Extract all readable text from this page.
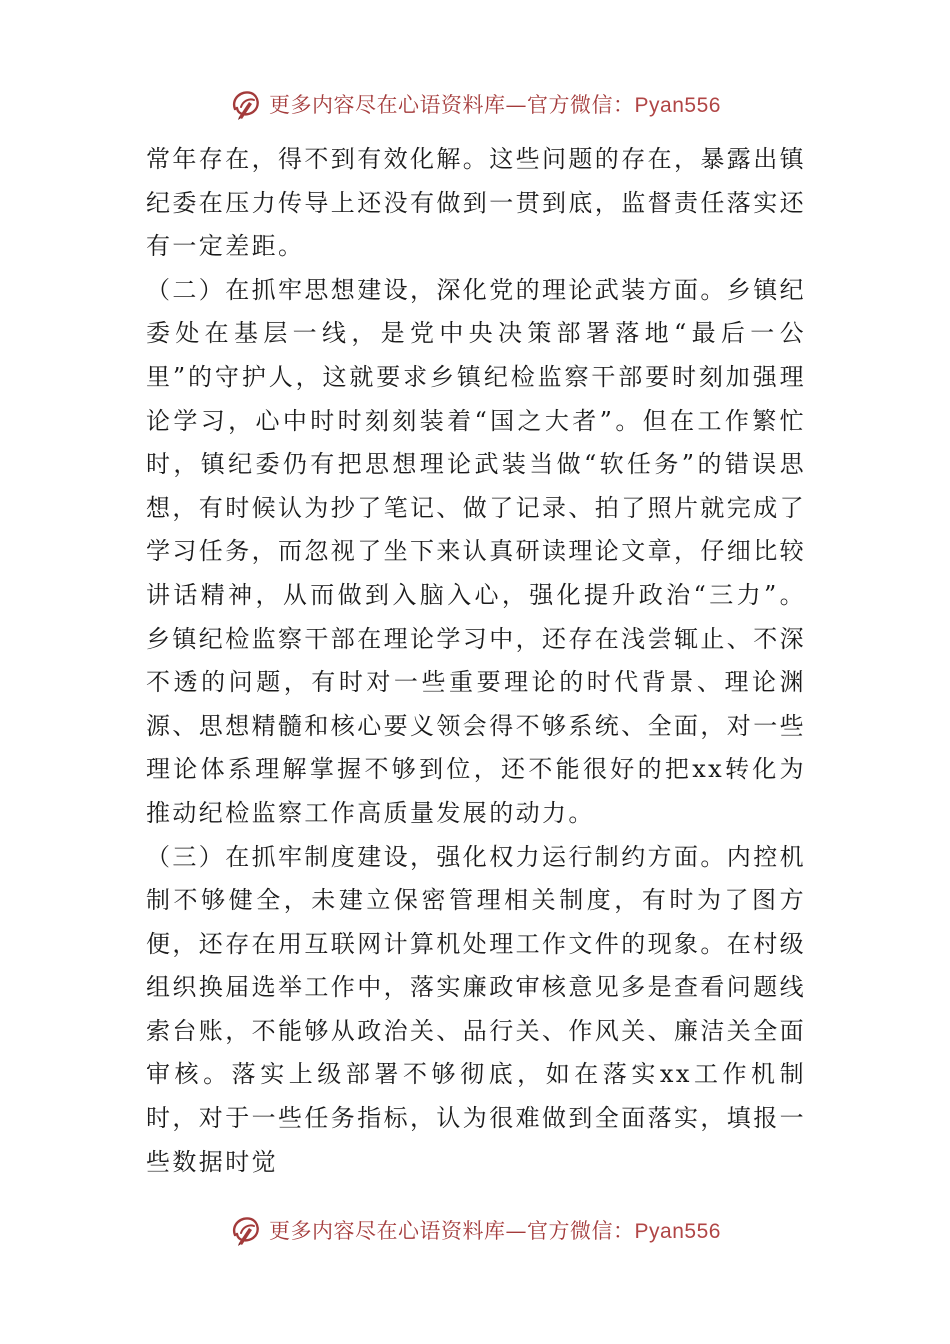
更多内容尽在心语资料库—官方微信：Pyan556

常年存在，得不到有效化解。这些问题的存在，暴露出镇纪委在压力传导上还没有做到一贯到底，监督责任落实还有一定差距。

（二）在抓牢思想建设，深化党的理论武装方面。乡镇纪委处在基层一线，是党中央决策部署落地“最后一公里”的守护人，这就要求乡镇纪检监察干部要时刻加强理论学习，心中时时刻刻装着“国之大者”。但在工作繁忙时，镇纪委仍有把思想理论武装当做“软任务”的错误思想，有时候认为抄了笔记、做了记录、拍了照片就完成了学习任务，而忽视了坐下来认真研读理论文章，仔细比较讲话精神，从而做到入脑入心，强化提升政治“三力”。乡镇纪检监察干部在理论学习中，还存在浅尝辄止、不深不透的问题，有时对一些重要理论的时代背景、理论渊源、思想精髓和核心要义领会得不够系统、全面，对一些理论体系理解掌握不够到位，还不能很好的把xx转化为推动纪检监察工作高质量发展的动力。

（三）在抓牢制度建设，强化权力运行制约方面。内控机制不够健全，未建立保密管理相关制度，有时为了图方便，还存在用互联网计算机处理工作文件的现象。在村级组织换届选举工作中，落实廉政审核意见多是查看问题线索台账，不能够从政治关、品行关、作风关、廉洁关全面审核。落实上级部署不够彻底，如在落实xx工作机制时，对于一些任务指标，认为很难做到全面落实，填报一些数据时觉

更多内容尽在心语资料库—官方微信：Pyan556
